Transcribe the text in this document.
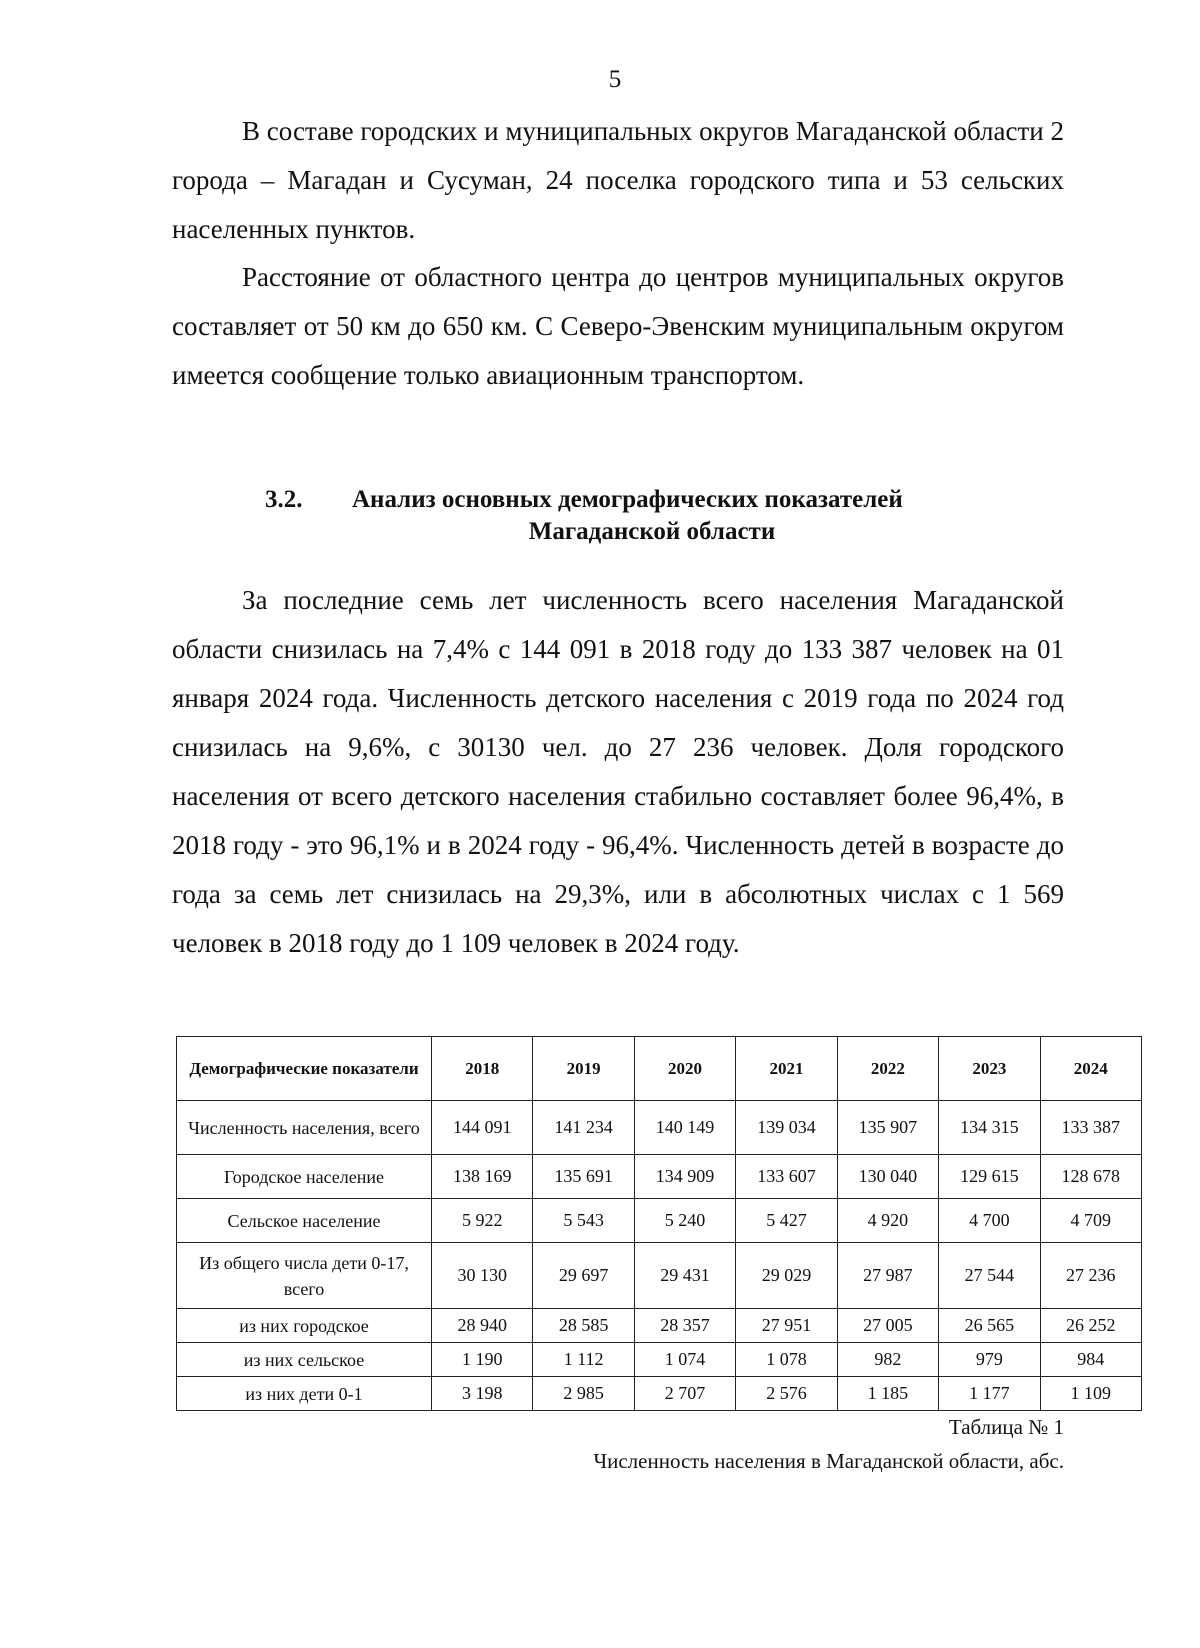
5

В составе городских и муниципальных округов Магаданской области 2 города – Магадан и Сусуман, 24 поселка городского типа и 53 сельских населенных пунктов.

Расстояние от областного центра до центров муниципальных округов составляет от 50 км до 650 км. С Северо-Эвенским муниципальным округом имеется сообщение только авиационным транспортом.

3.2. Анализ основных демографических показателей
Магаданской области

За последние семь лет численность всего населения Магаданской области снизилась на 7,4% с 144 091 в 2018 году до 133 387 человек на 01 января 2024 года. Численность детского населения с 2019 года по 2024 год снизилась на 9,6%, с 30130 чел. до 27 236 человек. Доля городского населения от всего детского населения стабильно составляет более 96,4%, в 2018 году - это 96,1% и в 2024 году - 96,4%. Численность детей в возрасте до года за семь лет снизилась на 29,3%, или в абсолютных числах с 1 569 человек в 2018 году до 1 109 человек в 2024 году.

Демографические показатели	2018	2019	2020	2021	2022	2023	2024
Численность населения, всего	144 091	141 234	140 149	139 034	135 907	134 315	133 387
Городское население	138 169	135 691	134 909	133 607	130 040	129 615	128 678
Сельское население	5 922	5 543	5 240	5 427	4 920	4 700	4 709
Из общего числа дети 0-17, всего	30 130	29 697	29 431	29 029	27 987	27 544	27 236
из них городское	28 940	28 585	28 357	27 951	27 005	26 565	26 252
из них сельское	1 190	1 112	1 074	1 078	982	979	984
из них дети 0-1	3 198	2 985	2 707	2 576	1 185	1 177	1 109
Таблица № 1
Численность населения в Магаданской области, абс.
